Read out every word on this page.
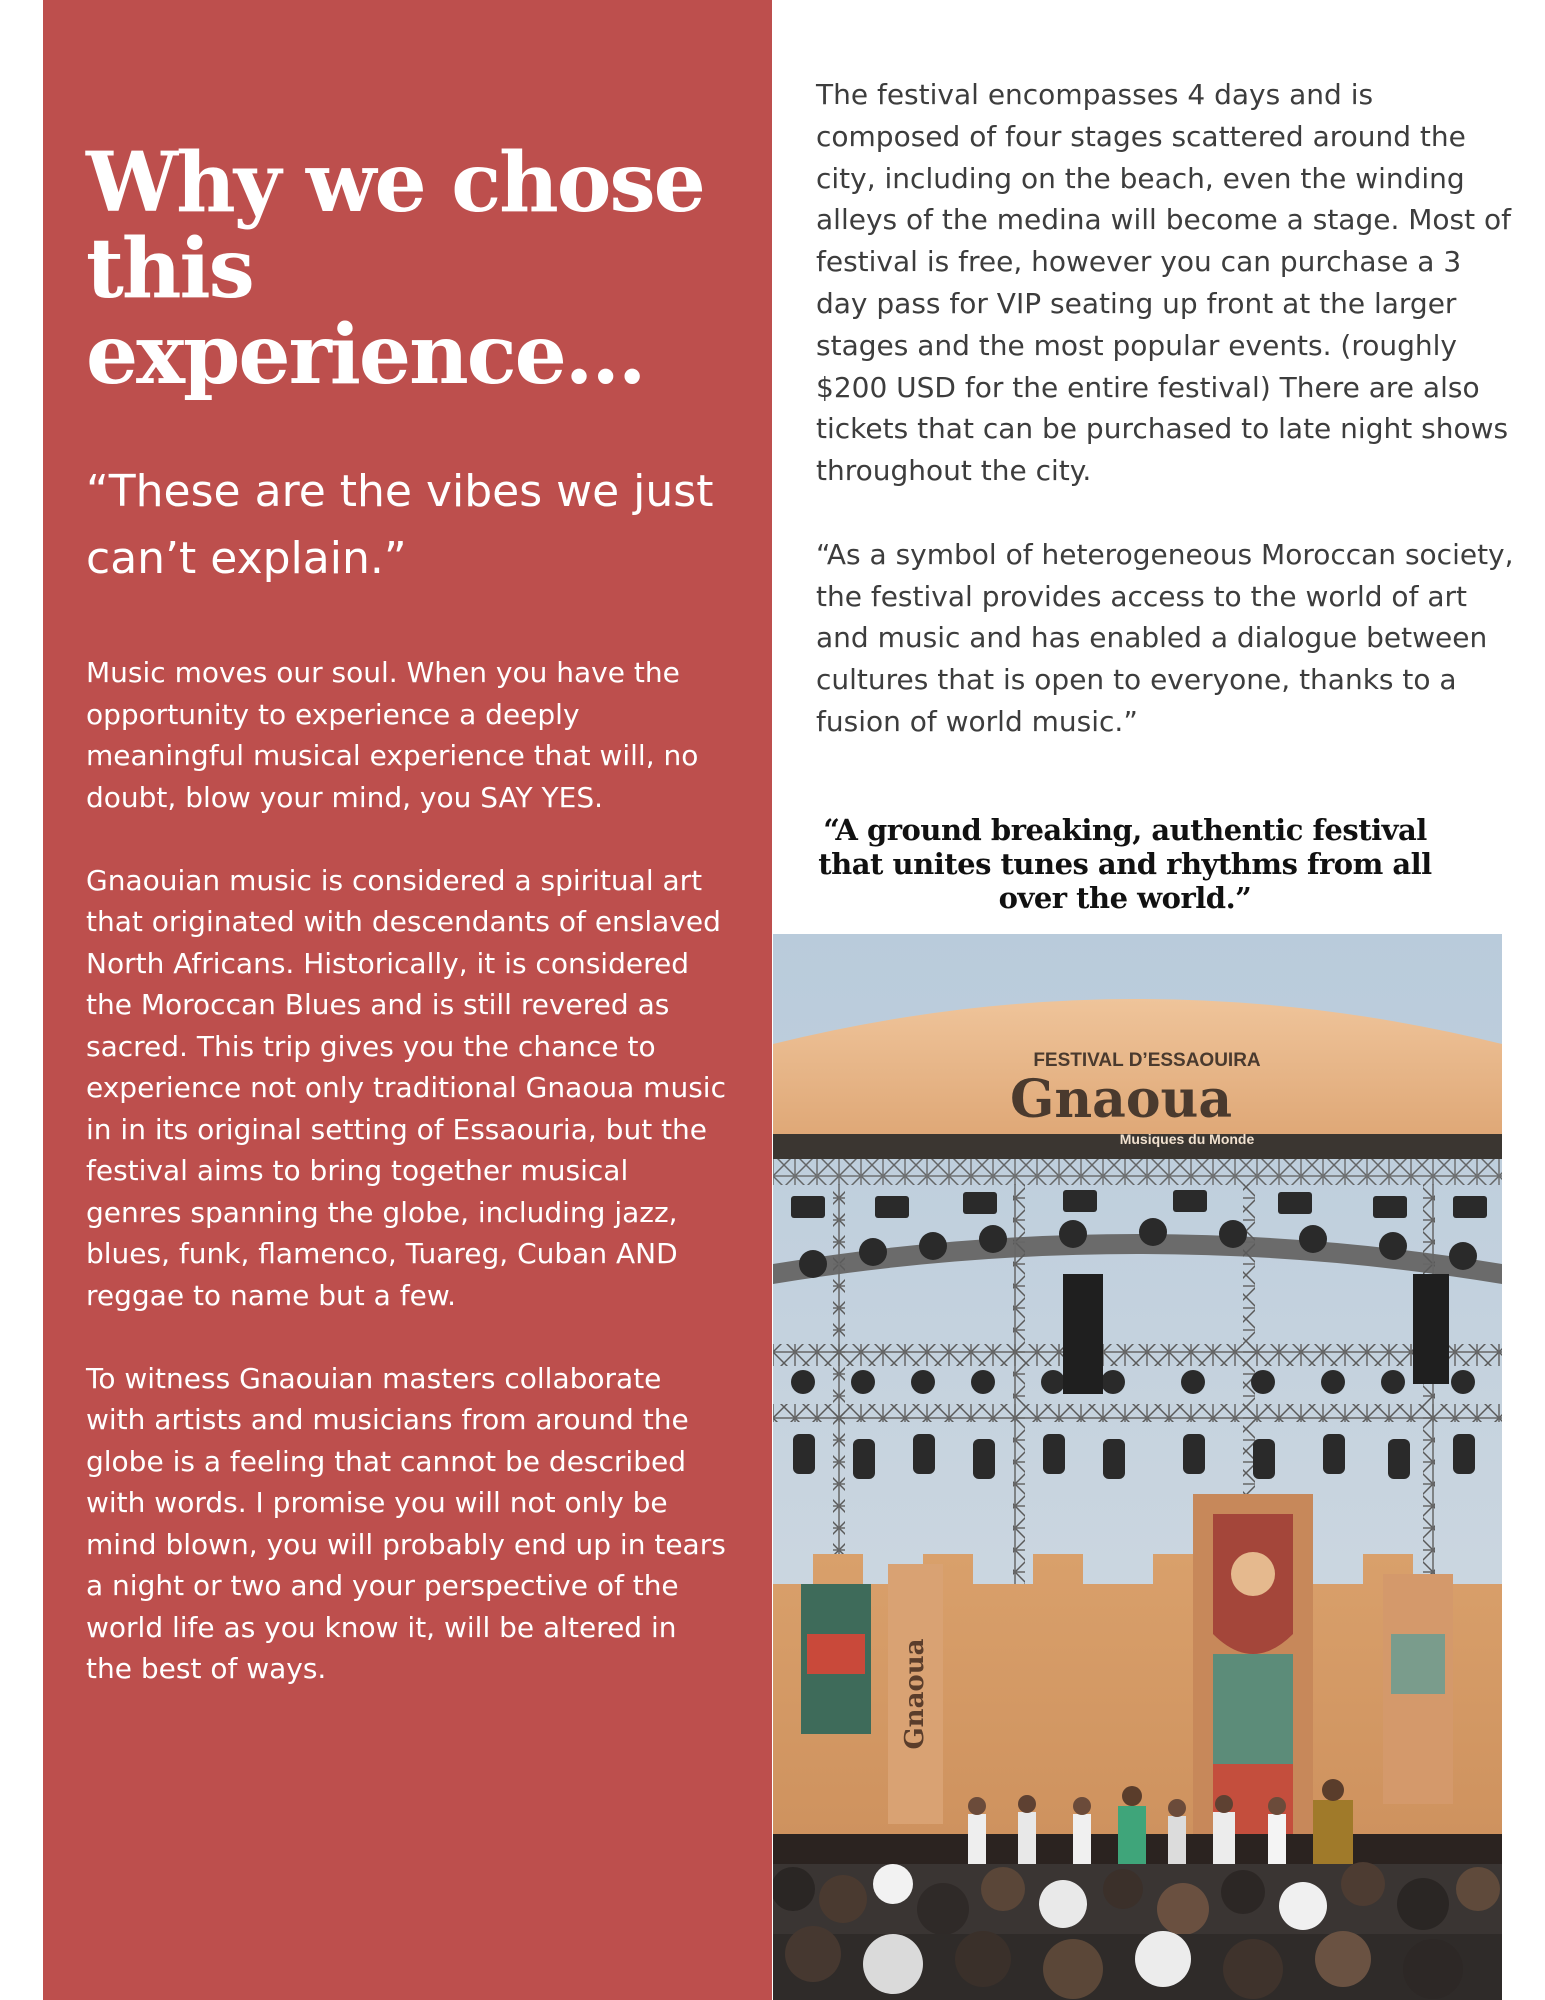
Why we chose this experience...
“These are the vibes we just can’t explain.”

Music moves our soul. When you have the opportunity to experience a deeply meaningful musical experience that will, no doubt, blow your mind, you SAY YES.

Gnaouian music is considered a spiritual art that originated with descendants of enslaved North Africans. Historically, it is considered the Moroccan Blues and is still revered as sacred. This trip gives you the chance to experience not only traditional Gnaoua music in in its original setting of Essaouria, but the festival aims to bring together musical genres spanning the globe, including jazz, blues, funk, flamenco, Tuareg, Cuban AND reggae to name but a few.

To witness Gnaouian masters collaborate with artists and musicians from around the globe is a feeling that cannot be described with words. I promise you will not only be mind blown, you will probably end up in tears a night or two and your perspective of the world life as you know it, will be altered in the best of ways.

The festival encompasses 4 days and is composed of four stages scattered around the city, including on the beach, even the winding alleys of the medina will become a stage. Most of festival is free, however you can purchase a 3 day pass for VIP seating up front at the larger stages and the most popular events. (roughly $200 USD for the entire festival) There are also tickets that can be purchased to late night shows throughout the city.

“As a symbol of heterogeneous Moroccan society, the festival provides access to the world of art and music and has enabled a dialogue between cultures that is open to everyone, thanks to a fusion of world music.”

“A ground breaking, authentic festival that unites tunes and rhythms from all over the world.”

FESTIVAL D’ESSAOUIRA
Gnaoua
Musiques du Monde
Gnaoua
